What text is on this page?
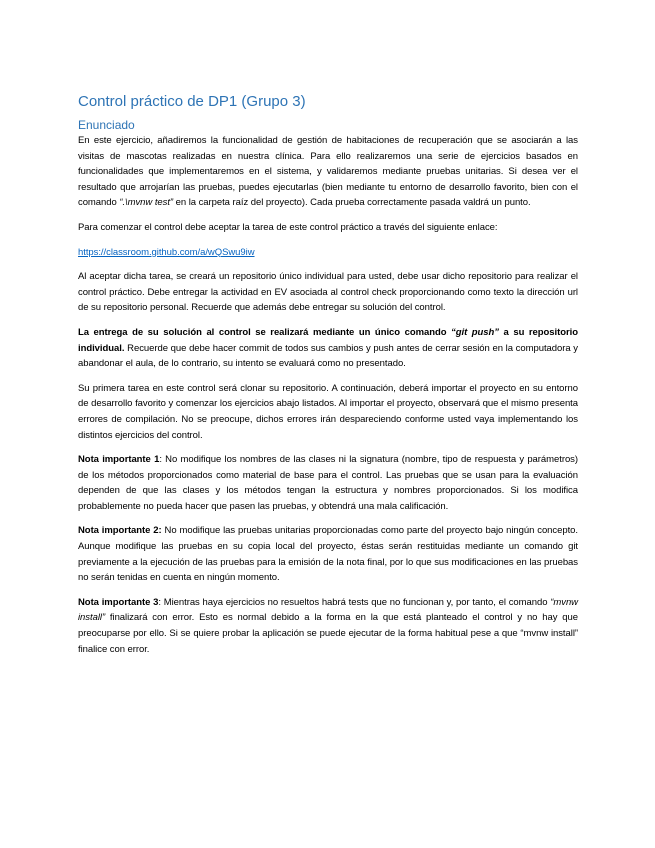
Control práctico de DP1 (Grupo 3)
Enunciado

En este ejercicio, añadiremos la funcionalidad de gestión de habitaciones de recuperación que se asociarán a las visitas de mascotas realizadas en nuestra clínica. Para ello realizaremos una serie de ejercicios basados en funcionalidades que implementaremos en el sistema, y validaremos mediante pruebas unitarias. Si desea ver el resultado que arrojarían las pruebas, puedes ejecutarlas (bien mediante tu entorno de desarrollo favorito, bien con el comando “.\mvnw test” en la carpeta raíz del proyecto). Cada prueba correctamente pasada valdrá un punto.

Para comenzar el control debe aceptar la tarea de este control práctico a través del siguiente enlace:

https://classroom.github.com/a/wQSwu9iw

Al aceptar dicha tarea, se creará un repositorio único individual para usted, debe usar dicho repositorio para realizar el control práctico. Debe entregar la actividad en EV asociada al control check proporcionando como texto la dirección url de su repositorio personal. Recuerde que además debe entregar su solución del control.

La entrega de su solución al control se realizará mediante un único comando “git push” a su repositorio individual. Recuerde que debe hacer commit de todos sus cambios y push antes de cerrar sesión en la computadora y abandonar el aula, de lo contrario, su intento se evaluará como no presentado.

Su primera tarea en este control será clonar su repositorio. A continuación, deberá importar el proyecto en su entorno de desarrollo favorito y comenzar los ejercicios abajo listados. Al importar el proyecto, observará que el mismo presenta errores de compilación. No se preocupe, dichos errores irán despareciendo conforme usted vaya implementando los distintos ejercicios del control.

Nota importante 1: No modifique los nombres de las clases ni la signatura (nombre, tipo de respuesta y parámetros) de los métodos proporcionados como material de base para el control. Las pruebas que se usan para la evaluación dependen de que las clases y los métodos tengan la estructura y nombres proporcionados. Si los modifica probablemente no pueda hacer que pasen las pruebas, y obtendrá una mala calificación.

Nota importante 2: No modifique las pruebas unitarias proporcionadas como parte del proyecto bajo ningún concepto. Aunque modifique las pruebas en su copia local del proyecto, éstas serán restituidas mediante un comando git previamente a la ejecución de las pruebas para la emisión de la nota final, por lo que sus modificaciones en las pruebas no serán tenidas en cuenta en ningún momento.

Nota importante 3: Mientras haya ejercicios no resueltos habrá tests que no funcionan y, por tanto, el comando “mvnw install” finalizará con error. Esto es normal debido a la forma en la que está planteado el control y no hay que preocuparse por ello. Si se quiere probar la aplicación se puede ejecutar de la forma habitual pese a que “mvnw install” finalice con error.
